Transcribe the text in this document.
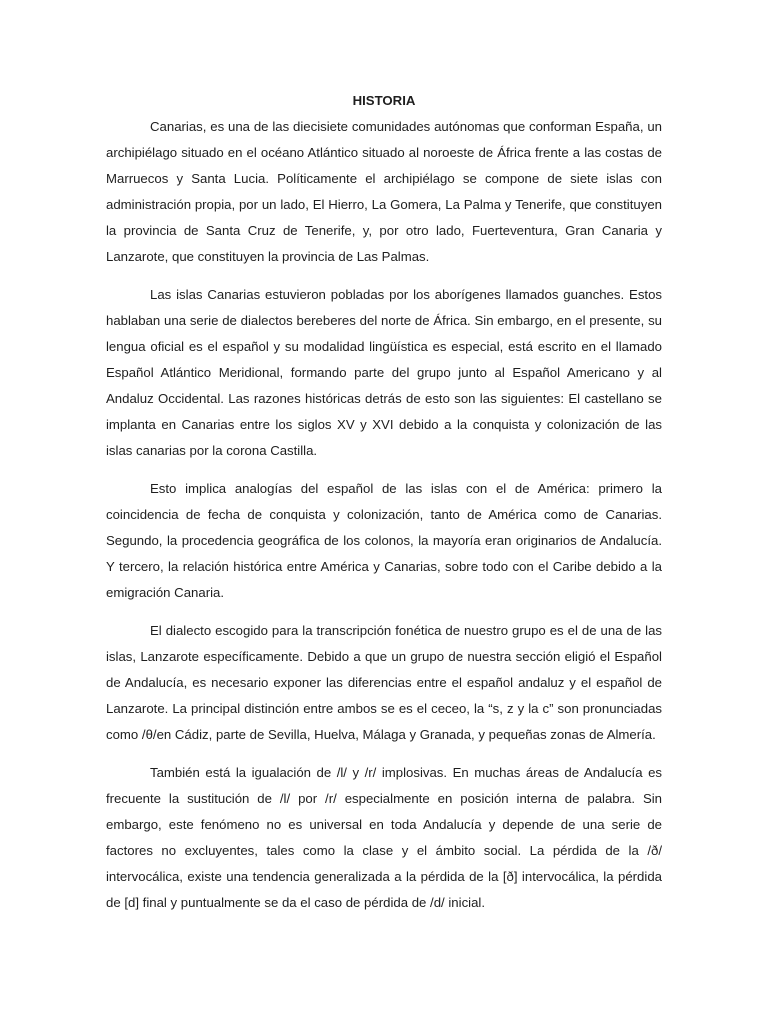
HISTORIA

Canarias, es una de las diecisiete comunidades autónomas que conforman España, un archipiélago situado en el océano Atlántico situado al noroeste de África frente a las costas de Marruecos y Santa Lucia. Políticamente el archipiélago se compone de siete islas con administración propia, por un lado, El Hierro, La Gomera, La Palma y Tenerife, que constituyen la provincia de Santa Cruz de Tenerife, y, por otro lado, Fuerteventura, Gran Canaria y Lanzarote, que constituyen la provincia de Las Palmas.

Las islas Canarias estuvieron pobladas por los aborígenes llamados guanches. Estos hablaban una serie de dialectos bereberes del norte de África. Sin embargo, en el presente, su lengua oficial es el español y su modalidad lingüística es especial, está escrito en el llamado Español Atlántico Meridional, formando parte del grupo junto al Español Americano y al Andaluz Occidental. Las razones históricas detrás de esto son las siguientes: El castellano se implanta en Canarias entre los siglos XV y XVI debido a la conquista y colonización de las islas canarias por la corona Castilla.

Esto implica analogías del español de las islas con el de América: primero la coincidencia de fecha de conquista y colonización, tanto de América como de Canarias. Segundo, la procedencia geográfica de los colonos, la mayoría eran originarios de Andalucía. Y tercero, la relación histórica entre América y Canarias, sobre todo con el Caribe debido a la emigración Canaria.

El dialecto escogido para la transcripción fonética de nuestro grupo es el de una de las islas, Lanzarote específicamente. Debido a que un grupo de nuestra sección eligió el Español de Andalucía, es necesario exponer las diferencias entre el español andaluz y el español de Lanzarote. La principal distinción entre ambos se es el ceceo, la “s, z y la c” son pronunciadas como /θ/en Cádiz, parte de Sevilla, Huelva, Málaga y Granada, y pequeñas zonas de Almería.

También está la igualación de /l/ y /r/ implosivas. En muchas áreas de Andalucía es frecuente la sustitución de /l/ por /r/ especialmente en posición interna de palabra. Sin embargo, este fenómeno no es universal en toda Andalucía y depende de una serie de factores no excluyentes, tales como la clase y el ámbito social. La pérdida de la /ð/ intervocálica, existe una tendencia generalizada a la pérdida de la [ð] intervocálica, la pérdida de [d] final y puntualmente se da el caso de pérdida de /d/ inicial.
